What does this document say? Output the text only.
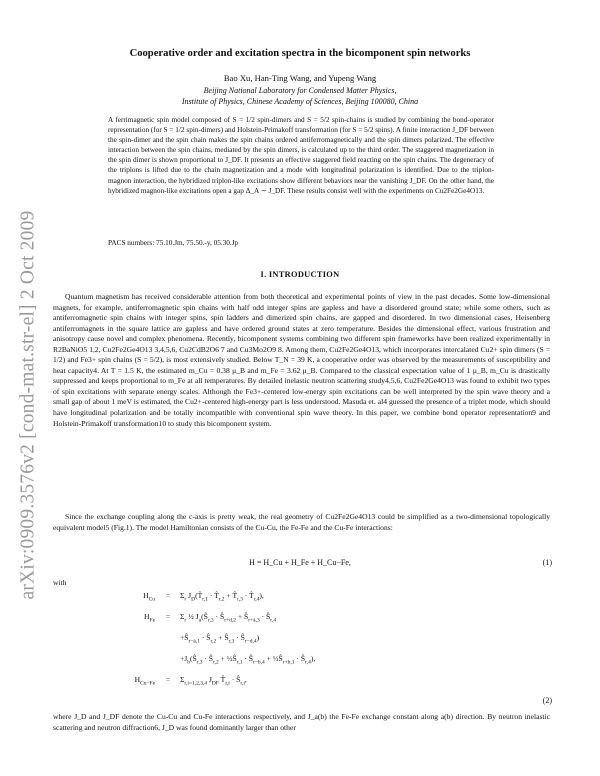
arXiv:0909.3576v2 [cond-mat.str-el] 2 Oct 2009
Cooperative order and excitation spectra in the bicomponent spin networks
Bao Xu, Han-Ting Wang, and Yupeng Wang
Beijing National Laboratory for Condensed Matter Physics,
Institute of Physics, Chinese Academy of Sciences, Beijing 100080, China
A ferrimagnetic spin model composed of S = 1/2 spin-dimers and S = 5/2 spin-chains is studied by combining the bond-operator representation (for S = 1/2 spin-dimers) and Holstein-Primakoff transformation (for S = 5/2 spins). A finite interaction J_DF between the spin-dimer and the spin chain makes the spin chains ordered antiferromagnetically and the spin dimers polarized. The effective interaction between the spin chains, mediated by the spin dimers, is calculated up to the third order. The staggered magnetization in the spin dimer is shown proportional to J_DF. It presents an effective staggered field reacting on the spin chains. The degeneracy of the triplons is lifted due to the chain magnetization and a mode with longitudinal polarization is identified. Due to the triplon-magnon interaction, the hybridized triplon-like excitations show different behaviors near the vanishing J_DF. On the other hand, the hybridized magnon-like excitations open a gap Δ_A ∼ J_DF. These results consist well with the experiments on Cu2Fe2Ge4O13.
PACS numbers: 75.10.Jm, 75.50.-y, 05.30.Jp
I. INTRODUCTION

Quantum magnetism has received considerable attention from both theoretical and experimental points of view in the past decades. Some low-dimensional magnets, for example, antiferromagnetic spin chains with half odd integer spins are gapless and have a disordered ground state; while some others, such as antiferromagnetic spin chains with integer spins, spin ladders and dimerized spin chains, are gapped and disordered. In two dimensional cases, Heisenberg antiferromagnets in the square lattice are gapless and have ordered ground states at zero temperature. Besides the dimensional effect, various frustration and anisotropy cause novel and complex phenomena. Recently, bicomponent systems combining two different spin frameworks have been realized experimentally in R2BaNiO5 1,2, Cu2Fe2Ge4O13 3,4,5,6, Cu2CdB2O6 7 and Cu3Mo2O9 8. Among them, Cu2Fe2Ge4O13, which incorporates intercalated Cu2+ spin dimers (S = 1/2) and Fe3+ spin chains (S = 5/2), is most extensively studied. Below T_N = 39 K, a cooperative order was observed by the measurements of susceptibility and heat capacity4. At T = 1.5 K, the estimated m_Cu = 0.38 μ_B and m_Fe = 3.62 μ_B. Compared to the classical expectation value of 1 μ_B, m_Cu is drastically suppressed and keeps proportional to m_Fe at all temperatures. By detailed inelastic neutron scattering study4,5,6, Cu2Fe2Ge4O13 was found to exhibit two types of spin excitations with separate energy scales. Although the Fe3+-centered low-energy spin excitations can be well interpreted by the spin wave theory and a small gap of about 1 meV is estimated, the Cu2+-centered high-energy part is less understood. Masuda et. al4 guessed the presence of a triplet mode, which should have longitudinal polarization and be totally incompatible with conventional spin wave theory. In this paper, we combine bond operator representation9 and Holstein-Primakoff transformation10 to study this bicomponent system.

Since the exchange coupling along the c-axis is pretty weak, the real geometry of Cu2Fe2Ge4O13 could be simplified as a two-dimensional topologically equivalent model5 (Fig.1). The model Hamiltonian consists of the Cu-Cu, the Fe-Fe and the Cu-Fe interactions:

H = H_Cu + H_Fe + H_Cu−Fe,	(1)
with
$H_{Cu}$	=	$\Sigma_r$ $J_D(T̂_{r,1}$ · $T̂_{r,2}$ + $T̂_{r,3}$ · $T̂_{r,4}$),
$H_{Fe}$	=	$\Sigma_r$ ½ $J_a(Ŝ_{r,3}$ · $Ŝ_{r+d,2}$ + $Ŝ_{r+ā,3}$ · $Ŝ_{r,4}$
$+Ŝ_{r-ā,1}$ · $Ŝ_{r,2}$ + $Ŝ_{r,3}$ · $Ŝ_{r-d,4}$)
$+J_b(Ŝ_{r,3}$ · $Ŝ_{r,2}$ + $\frac{1}{2}Ŝ_{r,1}$ · $Ŝ_{r-b,4}$ + $\frac{1}{2}Ŝ_{r+b,1}$ · $Ŝ_{r,4}$),
$H_{Cu-Fe}$	=	$\Sigma_{r,i=1,2,3,4}$ $J_{DF}$ $T̂_{r,i}$ · $Ŝ_{r,i}$,
(2)

where J_D and J_DF denote the Cu-Cu and Cu-Fe interactions respectively, and J_a(b) the Fe-Fe exchange constant along a(b) direction. By neutron inelastic scattering and neutron diffraction6, J_D was found dominantly larger than other
